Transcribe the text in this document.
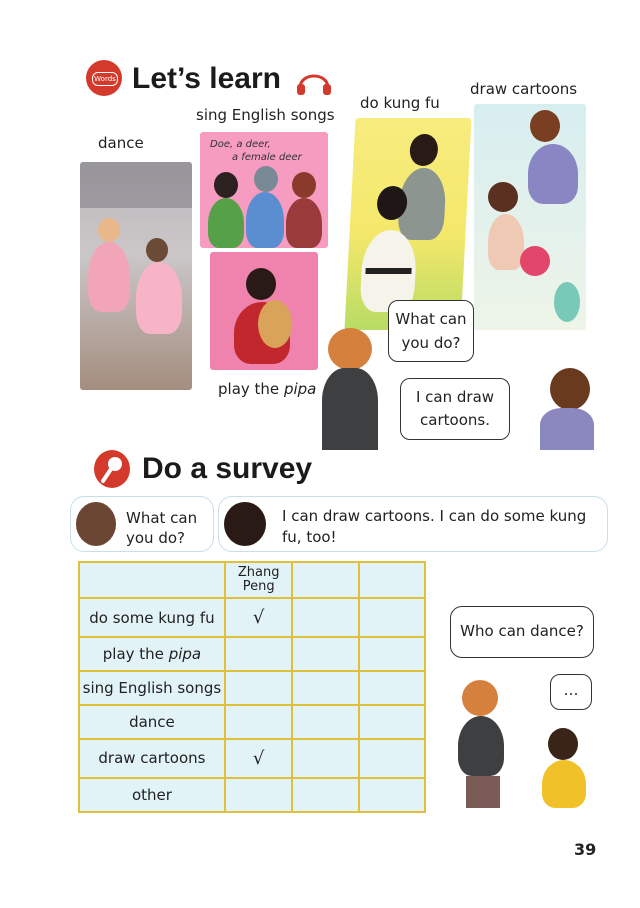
Words Let’s learn
dance
sing English songs
do kung fu
draw cartoons
play the pipa
Doe, a deer,
a female deer
What can you do?
I can draw cartoons.
Do a survey
What can you do?
I can draw cartoons. I can do some kung fu, too!

	Zhang Peng		

do some kung fu	√		
play the pipa			
sing English songs			
dance			
draw cartoons	√		
other			
Who can dance?
…
39
